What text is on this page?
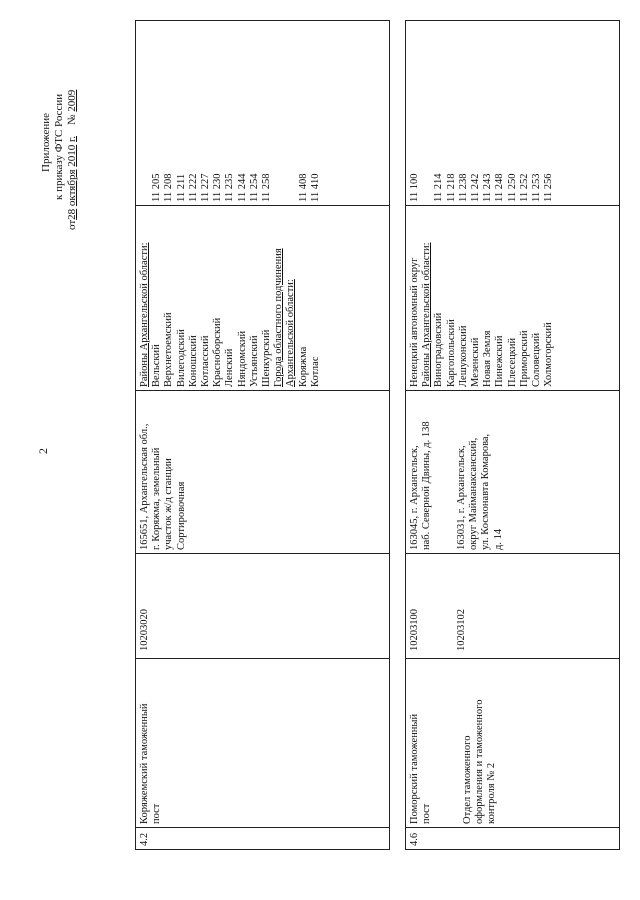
2
Приложение к приказу ФТС России
от28 октября 2010 г.    № 2009
4.2
Коряжемский таможенный пост
10203020
165651, Архангельская обл., г. Коряжма, земельный участок ж/д станции Сортировочная
Районы Архангельской области: Вельский Верхнетоемский Вилегодский Коношский Котласский Красноборский Ленский Няндомский Устьянский Шенкурский Города областного подчинения Архангельской области: Коряжма Котлас

11 205 11 208 11 211 11 222 11 227 11 230 11 235 11 244 11 254 11 258

11 408 11 410
4.6
Поморский таможенный пост	Отдел таможенного оформления и таможенного контроля № 2
10203100	10203102
163045, г. Архангельск, наб. Северной Двины, д. 138 163031, г. Архангельск, округ Майманаксанский, ул. Космонавта Комарова, д. 14
Ненецкий автономный округ Районы Архангельской области: Виноградовский Каргопольский Лешуконский Мезенский Новая Земля Пинежский Плесецкий Приморский Соловецкий Холмогорский
11 100
11 214 11 218 11 238 11 242 11 243 11 248 11 250 11 252 11 253 11 256
